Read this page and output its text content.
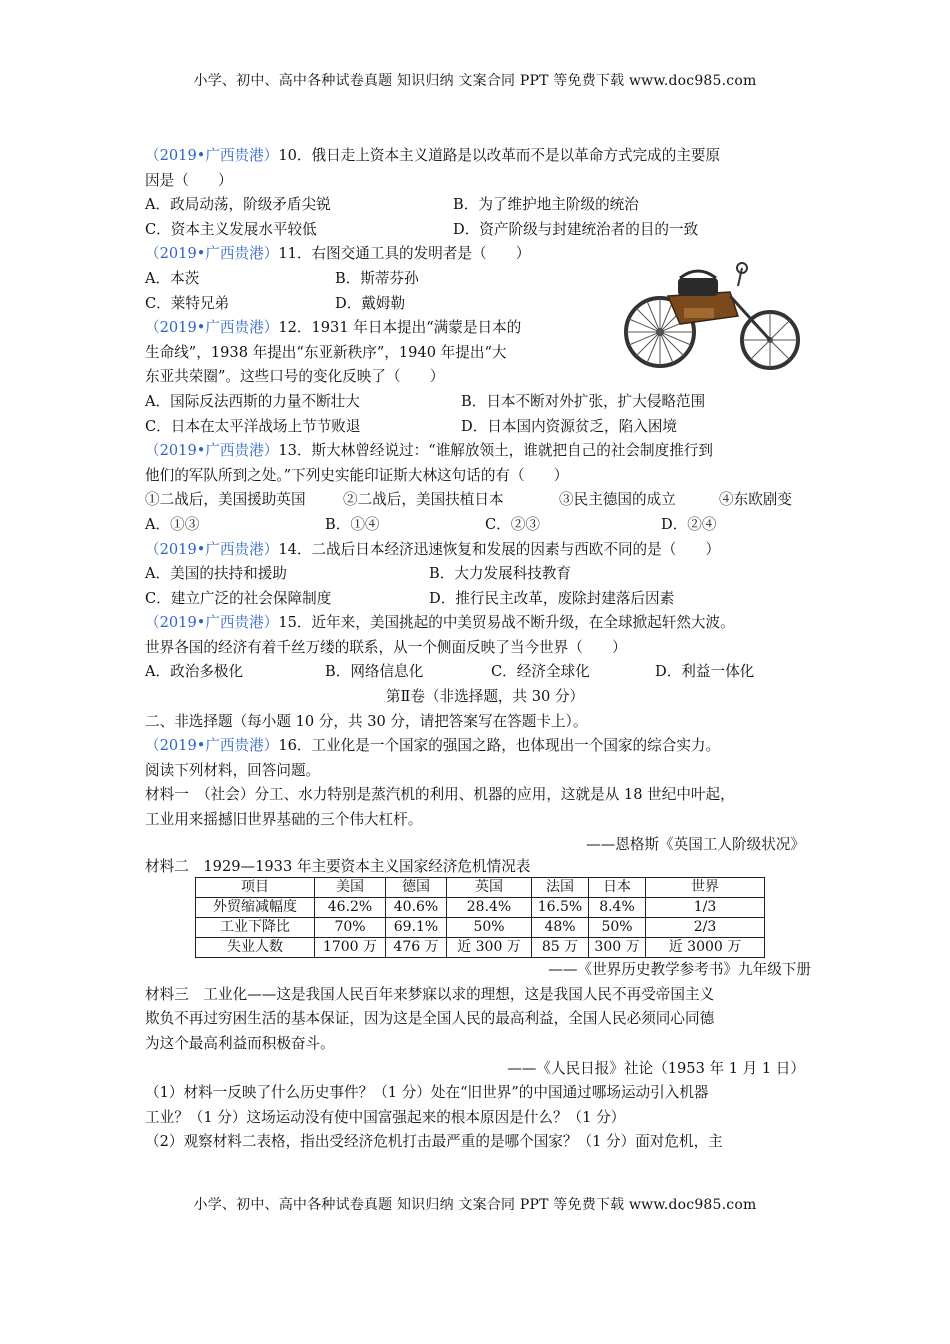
小学、初中、高中各种试卷真题 知识归纳 文案合同 PPT 等免费下载 www.doc985.com
（2019•广西贵港）10．俄日走上资本主义道路是以改革而不是以革命方式完成的主要原
因是（　　）
A．政局动荡，阶级矛盾尖锐	B．为了维护地主阶级的统治
C．资本主义发展水平较低	D．资产阶级与封建统治者的目的一致
（2019•广西贵港）11．右图交通工具的发明者是（　　）
A．本茨	B．斯蒂芬孙
C．莱特兄弟	D．戴姆勒
（2019•广西贵港）12．1931 年日本提出“满蒙是日本的
生命线”，1938 年提出“东亚新秩序”，1940 年提出“大
东亚共荣圈”。这些口号的变化反映了（　　）
A．国际反法西斯的力量不断壮大	B．日本不断对外扩张，扩大侵略范围
C．日本在太平洋战场上节节败退	D．日本国内资源贫乏，陷入困境
（2019•广西贵港）13．斯大林曾经说过：“谁解放领土，谁就把自己的社会制度推行到
他们的军队所到之处。”下列史实能印证斯大林这句话的有（　　）
①二战后，美国援助英国	②二战后，美国扶植日本	③民主德国的成立	④东欧剧变
A．①③	B．①④	C．②③	D．②④
（2019•广西贵港）14．二战后日本经济迅速恢复和发展的因素与西欧不同的是（　　）
A．美国的扶持和援助	B．大力发展科技教育
C．建立广泛的社会保障制度	D．推行民主改革，废除封建落后因素
（2019•广西贵港）15．近年来，美国挑起的中美贸易战不断升级，在全球掀起轩然大波。
世界各国的经济有着千丝万缕的联系，从一个侧面反映了当今世界（　　）
A．政治多极化	B．网络信息化	C．经济全球化	D．利益一体化
第Ⅱ卷（非选择题，共 30 分）
二、非选择题（每小题 10 分，共 30 分，请把答案写在答题卡上）。
（2019•广西贵港）16．工业化是一个国家的强国之路，也体现出一个国家的综合实力。
阅读下列材料，回答问题。
材料一　（社会）分工、水力特别是蒸汽机的利用、机器的应用，这就是从 18 世纪中叶起，
工业用来摇撼旧世界基础的三个伟大杠杆。
——恩格斯《英国工人阶级状况》
材料二　1929—1933 年主要资本主义国家经济危机情况表
项目	美国	德国	英国	法国	日本	世界
外贸缩减幅度	46.2%	40.6%	28.4%	16.5%	8.4%	1/3
工业下降比	70%	69.1%	50%	48%	50%	2/3
失业人数	1700 万	476 万	近 300 万	85 万	300 万	近 3000 万
——《世界历史教学参考书》九年级下册
材料三　工业化——这是我国人民百年来梦寐以求的理想，这是我国人民不再受帝国主义
欺负不再过穷困生活的基本保证，因为这是全国人民的最高利益，全国人民必须同心同德
为这个最高利益而积极奋斗。
——《人民日报》社论（1953 年 1 月 1 日）
（1）材料一反映了什么历史事件？（1 分）处在“旧世界”的中国通过哪场运动引入机器
工业？（1 分）这场运动没有使中国富强起来的根本原因是什么？（1 分）
（2）观察材料二表格，指出受经济危机打击最严重的是哪个国家？（1 分）面对危机，主
小学、初中、高中各种试卷真题 知识归纳 文案合同 PPT 等免费下载 www.doc985.com
